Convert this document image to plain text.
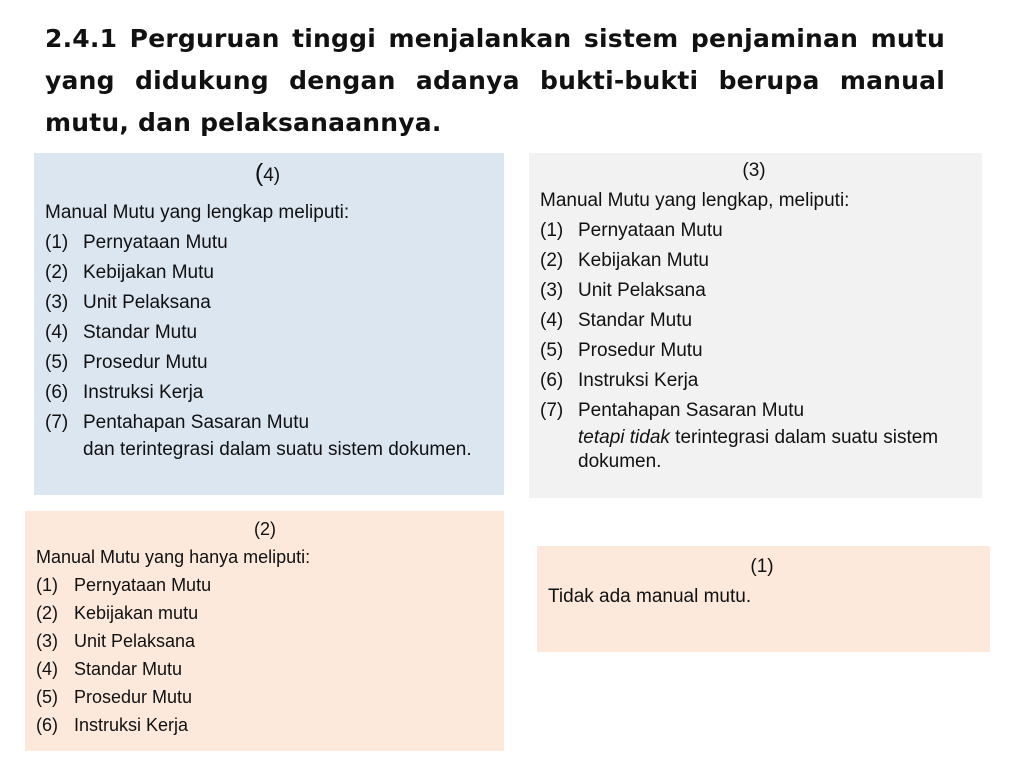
2.4.1 Perguruan tinggi menjalankan sistem penjaminan mutu yang didukung dengan adanya bukti-bukti berupa manual mutu, dan pelaksanaannya.
(4)
Manual Mutu yang lengkap meliputi:
(1) Pernyataan Mutu
(2) Kebijakan Mutu
(3) Unit Pelaksana
(4) Standar Mutu
(5) Prosedur Mutu
(6) Instruksi Kerja
(7) Pentahapan Sasaran Mutu
dan terintegrasi dalam suatu sistem dokumen.
(3)
Manual Mutu yang lengkap, meliputi:
(1) Pernyataan Mutu
(2) Kebijakan Mutu
(3) Unit Pelaksana
(4) Standar Mutu
(5) Prosedur Mutu
(6) Instruksi Kerja
(7) Pentahapan Sasaran Mutu
tetapi tidak terintegrasi dalam suatu sistem dokumen.
(2)
Manual Mutu yang hanya meliputi:
(1) Pernyataan Mutu
(2) Kebijakan mutu
(3) Unit Pelaksana
(4) Standar Mutu
(5) Prosedur Mutu
(6) Instruksi Kerja
(1)
Tidak ada manual mutu.
